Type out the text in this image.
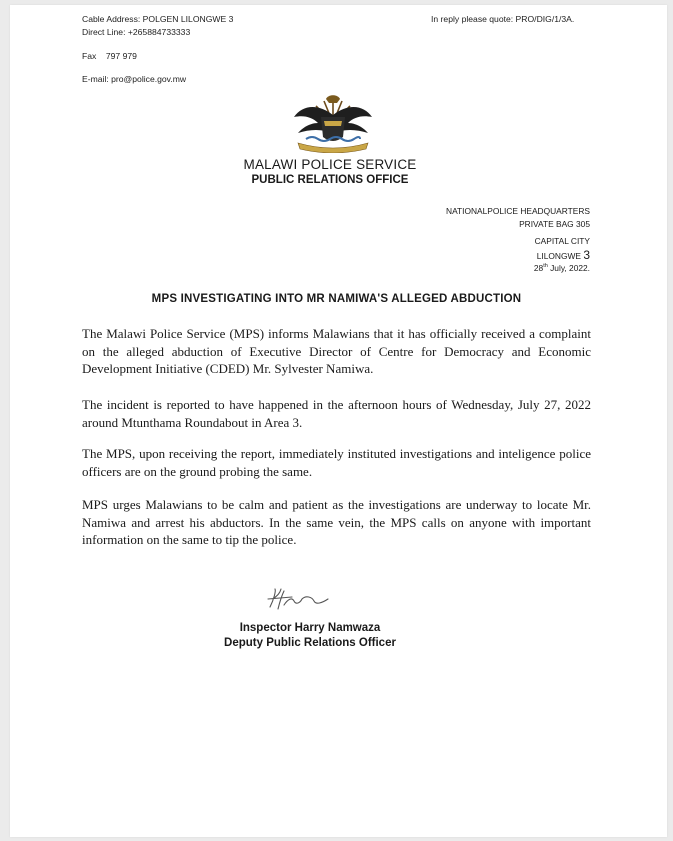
Cable Address: POLGEN LILONGWE 3
Direct Line: +265884733333
In reply please quote: PRO/DIG/1/3A.
Fax    797 979
E-mail: pro@police.gov.mw
MALAWI POLICE SERVICE
PUBLIC RELATIONS OFFICE
NATIONALPOLICE HEADQUARTERS
PRIVATE BAG 305
CAPITAL CITY
LILONGWE 3
28th July, 2022.
MPS INVESTIGATING INTO MR NAMIWA'S ALLEGED ABDUCTION
The Malawi Police Service (MPS) informs Malawians that it has officially received a complaint on the alleged abduction of Executive Director of Centre for Democracy and Economic Development Initiative (CDED) Mr. Sylvester Namiwa.
The incident is reported to have happened in the afternoon hours of Wednesday, July 27, 2022 around Mtunthama Roundabout in Area 3.
The MPS, upon receiving the report, immediately instituted investigations and inteligence police officers are on the ground probing the same.
MPS urges Malawians to be calm and patient as the investigations are underway to locate Mr. Namiwa and arrest his abductors. In the same vein, the MPS calls on anyone with important information on the same to tip the police.
Inspector Harry Namwaza
Deputy Public Relations Officer
